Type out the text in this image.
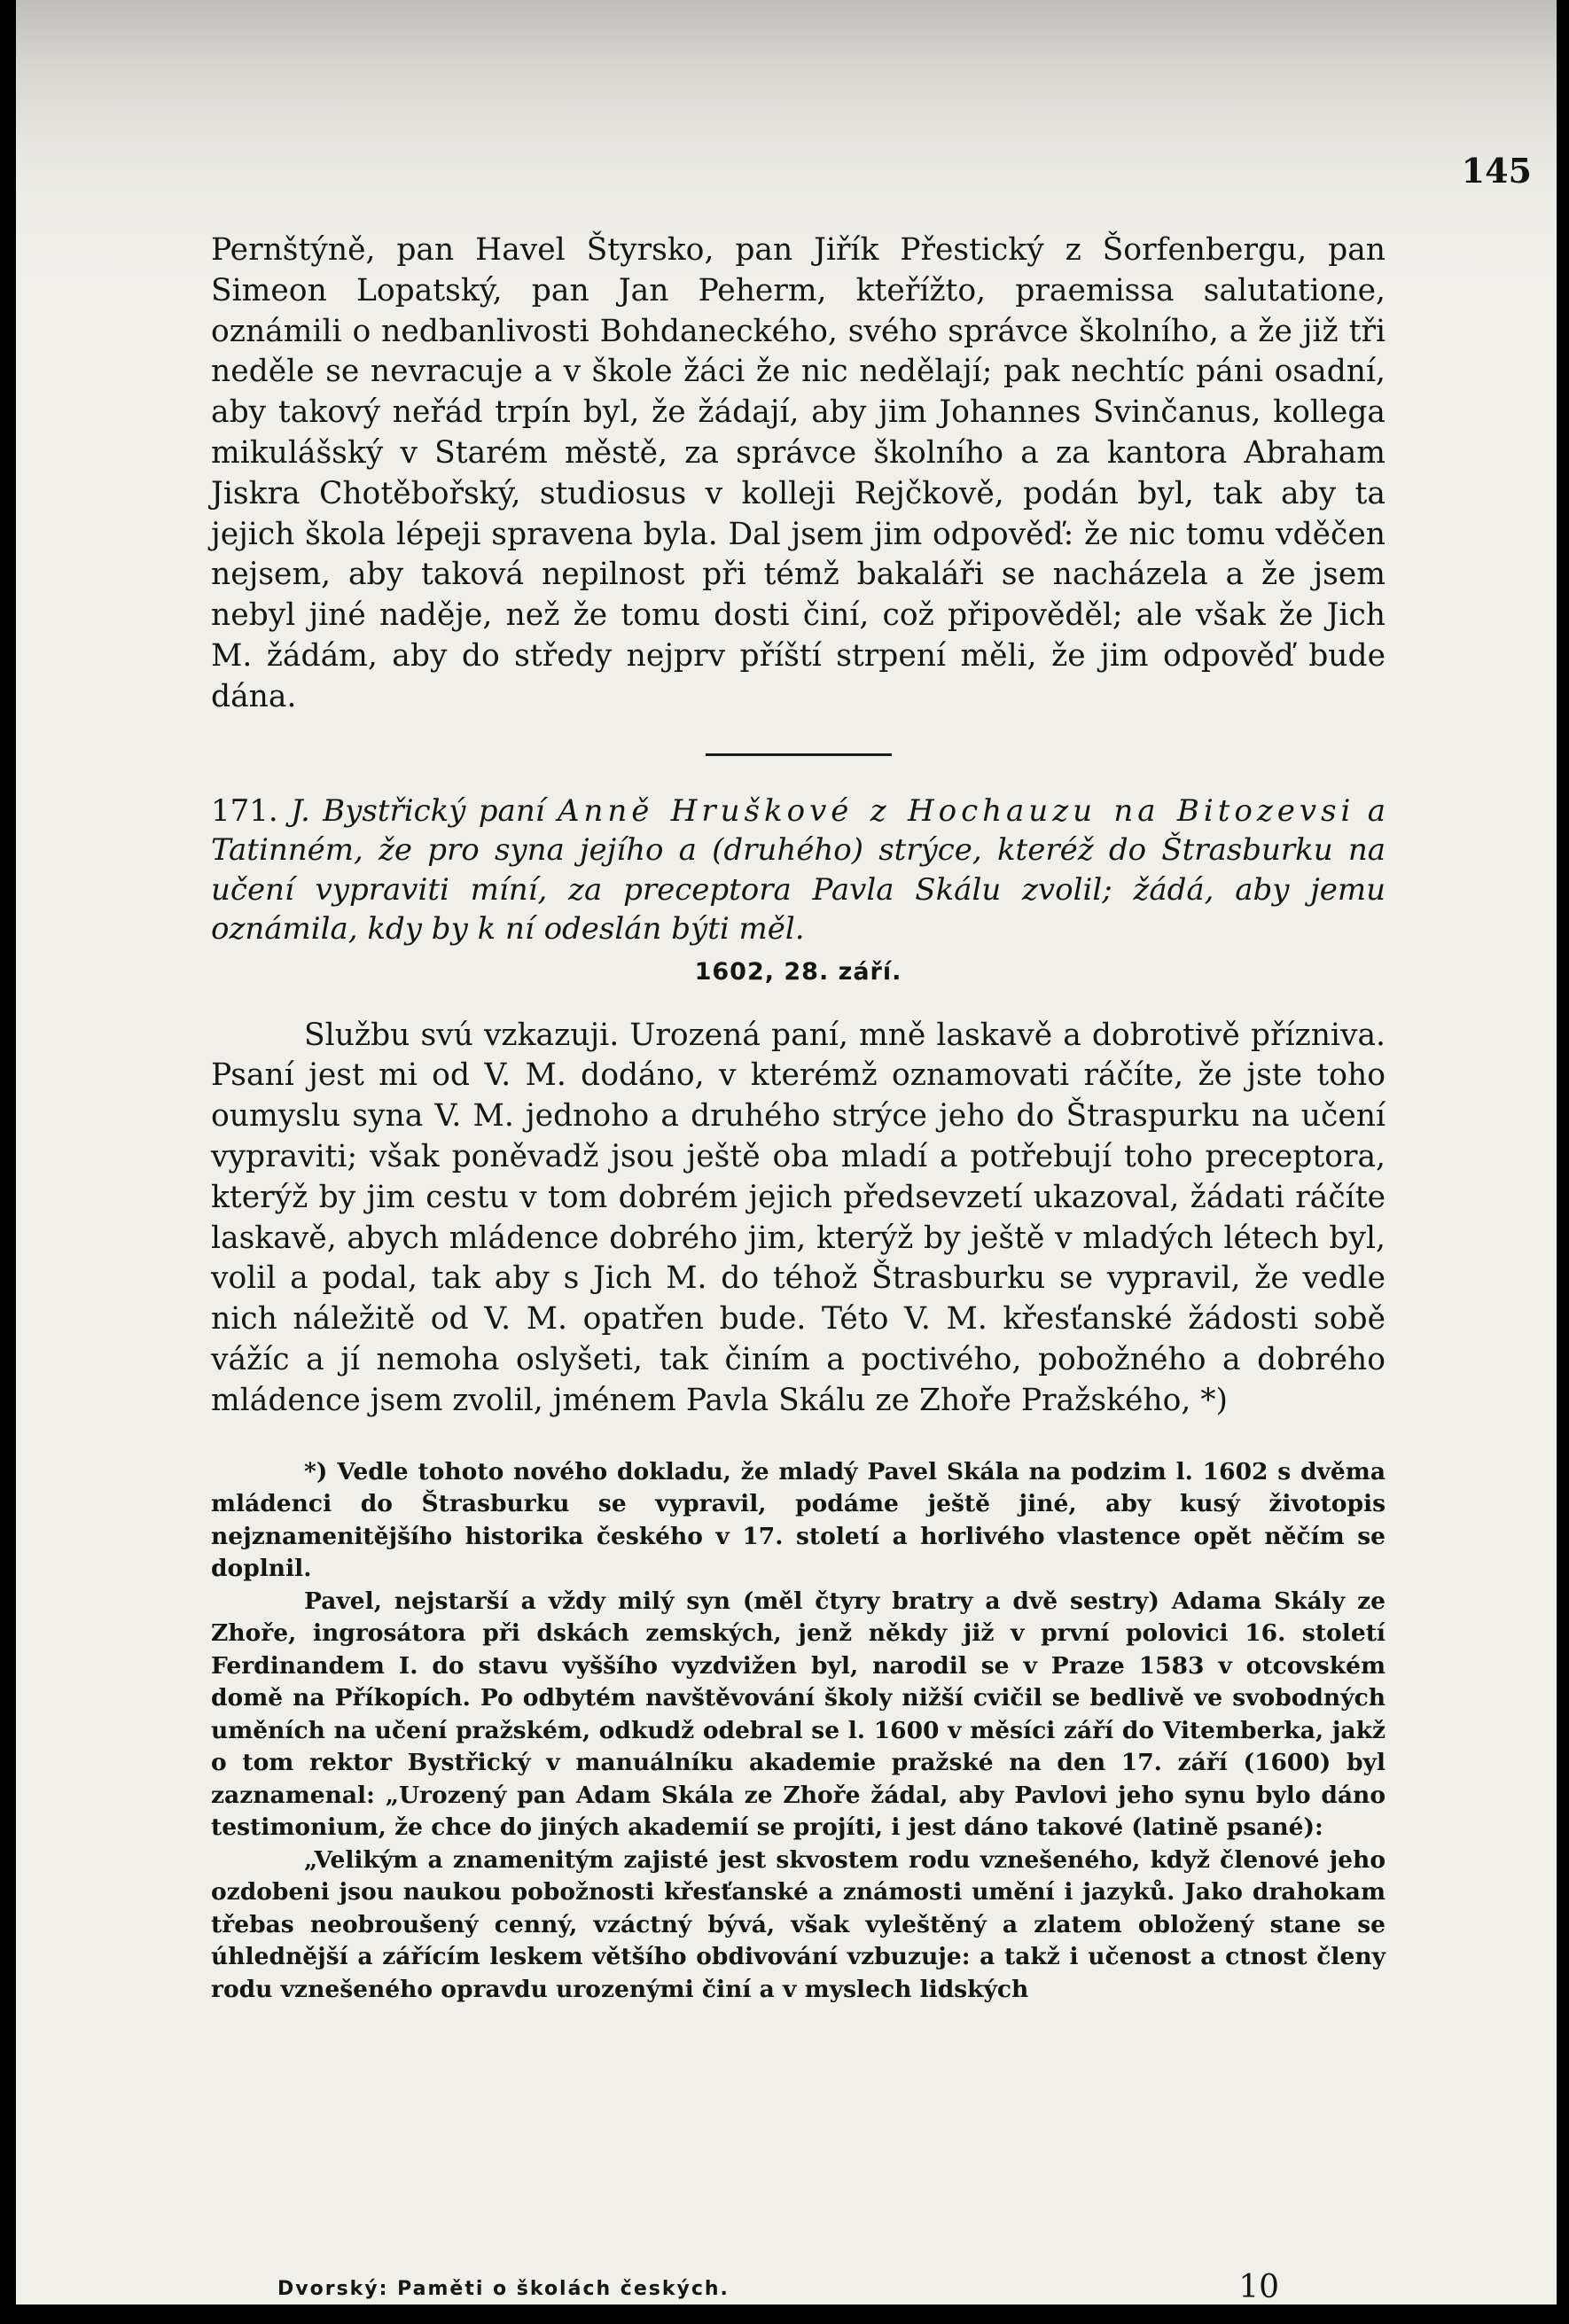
145

Pernštýně, pan Havel Štyrsko, pan Jiřík Přestický z Šorfenbergu, pan Simeon Lopatský, pan Jan Peherm, kteřížto, praemissa salutatione, oznámili o nedbanlivosti Bohdaneckého, svého správce školního, a že již tři neděle se nevracuje a v škole žáci že nic nedělají; pak nechtíc páni osadní, aby takový neřád trpín byl, že žádají, aby jim Johannes Svinčanus, kollega mikulášský v Starém městě, za správce školního a za kantora Abraham Jiskra Chotěbořský, studiosus v kolleji Rejčkově, podán byl, tak aby ta jejich škola lépeji spravena byla. Dal jsem jim odpověď: že nic tomu vděčen nejsem, aby taková nepilnost při témž bakaláři se nacházela a že jsem nebyl jiné naděje, než že tomu dosti činí, což připověděl; ale však že Jich M. žádám, aby do středy nejprv příští strpení měli, že jim odpověď bude dána.

171. J. Bystřický paní Anně Hruškové z Hochauzu na Bitozevsi a Tatinném, že pro syna jejího a (druhého) strýce, kteréž do Štrasburku na učení vypraviti míní, za preceptora Pavla Skálu zvolil; žádá, aby jemu oznámila, kdy by k ní odeslán býti měl.

1602, 28. září.

Službu svú vzkazuji. Urozená paní, mně laskavě a dobrotivě přízniva. Psaní jest mi od V. M. dodáno, v kterémž oznamovati ráčíte, že jste toho oumyslu syna V. M. jednoho a druhého strýce jeho do Štraspurku na učení vypraviti; však poněvadž jsou ještě oba mladí a potřebují toho preceptora, kterýž by jim cestu v tom dobrém jejich předsevzetí ukazoval, žádati ráčíte laskavě, abych mládence dobrého jim, kterýž by ještě v mladých létech byl, volil a podal, tak aby s Jich M. do téhož Štrasburku se vypravil, že vedle nich náležitě od V. M. opatřen bude. Této V. M. křesťanské žádosti sobě vážíc a jí nemoha oslyšeti, tak činím a poctivého, pobožného a dobrého mládence jsem zvolil, jménem Pavla Skálu ze Zhoře Pražského, *)

*) Vedle tohoto nového dokladu, že mladý Pavel Skála na podzim l. 1602 s dvěma mládenci do Štrasburku se vypravil, podáme ještě jiné, aby kusý životopis nejznamenitějšího historika českého v 17. století a horlivého vlastence opět něčím se doplnil.

Pavel, nejstarší a vždy milý syn (měl čtyry bratry a dvě sestry) Adama Skály ze Zhoře, ingrosátora při dskách zemských, jenž někdy již v první polovici 16. století Ferdinandem I. do stavu vyššího vyzdvižen byl, narodil se v Praze 1583 v otcovském domě na Příkopích. Po odbytém navštěvování školy nižší cvičil se bedlivě ve svobodných uměních na učení pražském, odkudž odebral se l. 1600 v měsíci září do Vitemberka, jakž o tom rektor Bystřický v manuálníku akademie pražské na den 17. září (1600) byl zaznamenal: „Urozený pan Adam Skála ze Zhoře žádal, aby Pavlovi jeho synu bylo dáno testimonium, že chce do jiných akademií se projíti, i jest dáno takové (latině psané):

„Velikým a znamenitým zajisté jest skvostem rodu vznešeného, když členové jeho ozdobeni jsou naukou pobožnosti křesťanské a známosti umění i jazyků. Jako drahokam třebas neobroušený cenný, vzáctný bývá, však vyleštěný a zlatem obložený stane se úhlednější a zářícím leskem většího obdivování vzbuzuje: a takž i učenost a ctnost členy rodu vznešeného opravdu urozenými činí a v myslech lidských

Dvorský: Paměti o školách českých.	10
